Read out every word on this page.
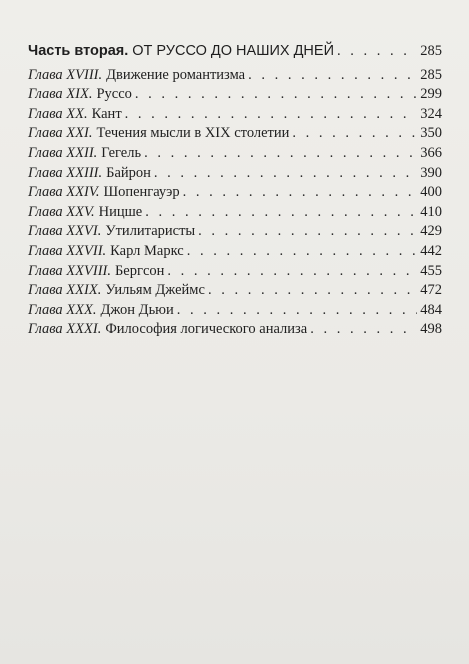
Часть вторая. ОТ РУССО ДО НАШИХ ДНЕЙ . . .	285
Глава XVIII. Движение романтизма . . .	285
Глава XIX. Руссо . . .	299
Глава XX. Кант . . .	324
Глава XXI. Течения мысли в XIX столетии . . .	350
Глава XXII. Гегель . . .	366
Глава XXIII. Байрон . . .	390
Глава XXIV. Шопенгауэр . . .	400
Глава XXV. Ницше . . .	410
Глава XXVI. Утилитаристы . . .	429
Глава XXVII. Карл Маркс . . .	442
Глава XXVIII. Бергсон . . .	455
Глава XXIX. Уильям Джеймс . . .	472
Глава XXX. Джон Дьюи . . .	484
Глава XXXI. Философия логического анализа . . .	498
